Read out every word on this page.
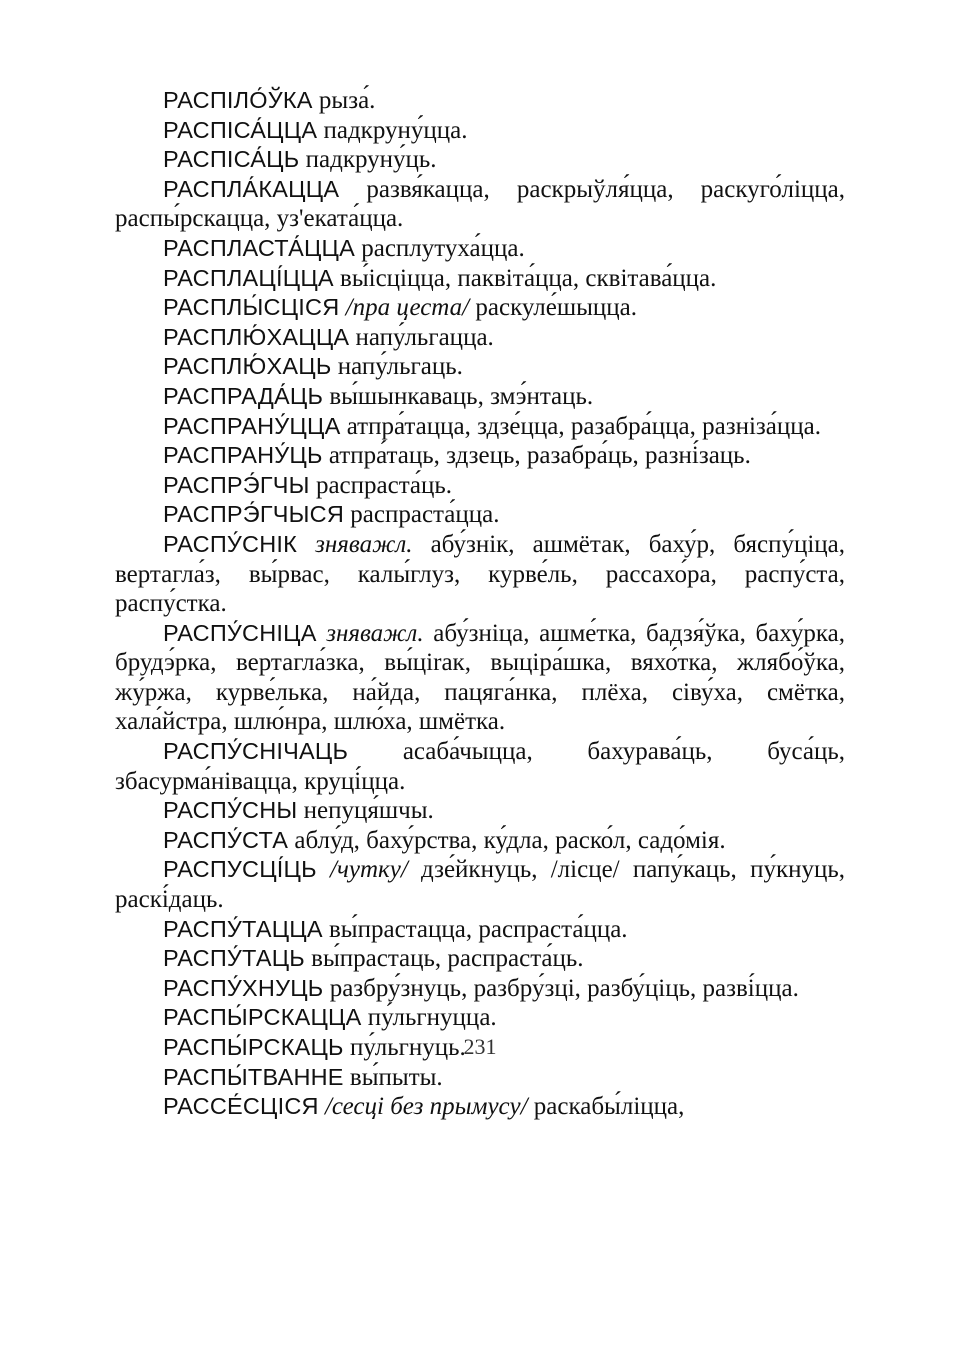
РАСПІЛО́ЎКА рыза́.

РАСПІСА́ЦЦА падкруну́цца.

РАСПІСА́ЦЬ падкруну́ць.

РАСПЛА́КАЦЦА развя́кацца, раскрыўля́цца, раскуго́ліцца, распы́рскацца, уз'еката́цца.

РАСПЛАСТА́ЦЦА расплутуха́цца.

РАСПЛАЦІ́ЦЦА вы́ісціцца, паквіта́цца, сквітава́цца.

РАСПЛЫ́СЦІСЯ /пра цеста/ раскуле́шыцца.

РАСПЛЮ́ХАЦЦА напу́льгацца.

РАСПЛЮ́ХАЦЬ напу́льгаць.

РАСПРАДА́ЦЬ вы́шынкаваць, змэ́нтаць.

РАСПРАНУ́ЦЦА атпра́тацца, здзе́цца, разабра́цца, разніза́цца.

РАСПРАНУ́ЦЬ атпра́таць, здзець, разабра́ць, разні́заць.

РАСПРЭ́ГЧЫ распраста́ць.

РАСПРЭ́ГЧЫСЯ распраста́цца.

РАСПУ́СНІК зняважл. абу́знік, ашмётак, баху́р, бяспу́ціца, вертагла́з, вы́рвас, калы́глуз, курве́ль, рассахо́ра, распу́ста, распу́стка.

РАСПУ́СНІЦА зняважл. абу́зніца, ашме́тка, бадзя́ўка, баху́рка, брудэ́рка, вертагла́зка, вы́ціrак, выціра́шка, вяхо́тка, жлябо́ўка, жу́ржа, курве́лька, на́йда, пацяга́нка, плёха, сіву́ха, смётка, хала́йстра, шлю́нра, шлю́ха, шмётка.

РАСПУ́СНІЧАЦЬ асаба́чыцца, бахурава́ць, буса́ць, збасурма́нівацца, круці́цца.

РАСПУ́СНЫ непуця́шчы.

РАСПУ́СТА аблу́д, баху́рства, ку́дла, раско́л, садо́мія.

РАСПУСЦІ́ЦЬ /чутку/ дзе́йкнуць, /лісце/ папу́каць, пу́кнуць, раскі́даць.

РАСПУ́ТАЦЦА вы́прастацца, распраста́цца.

РАСПУ́ТАЦЬ вы́прастаць, распраста́ць.

РАСПУ́ХНУЦЬ разбру́знуць, разбру́зці, разбу́ціць, разві́цца.

РАСПЫ́РСКАЦЦА пу́льгнуцца.

РАСПЫ́РСКАЦЬ пу́льгнуць.

РАСПЫ́ТВАННЕ вы́пыты.

РАССЕ́СЦІСЯ /сесці без прымусу/ раскабы́ліцца,

231
